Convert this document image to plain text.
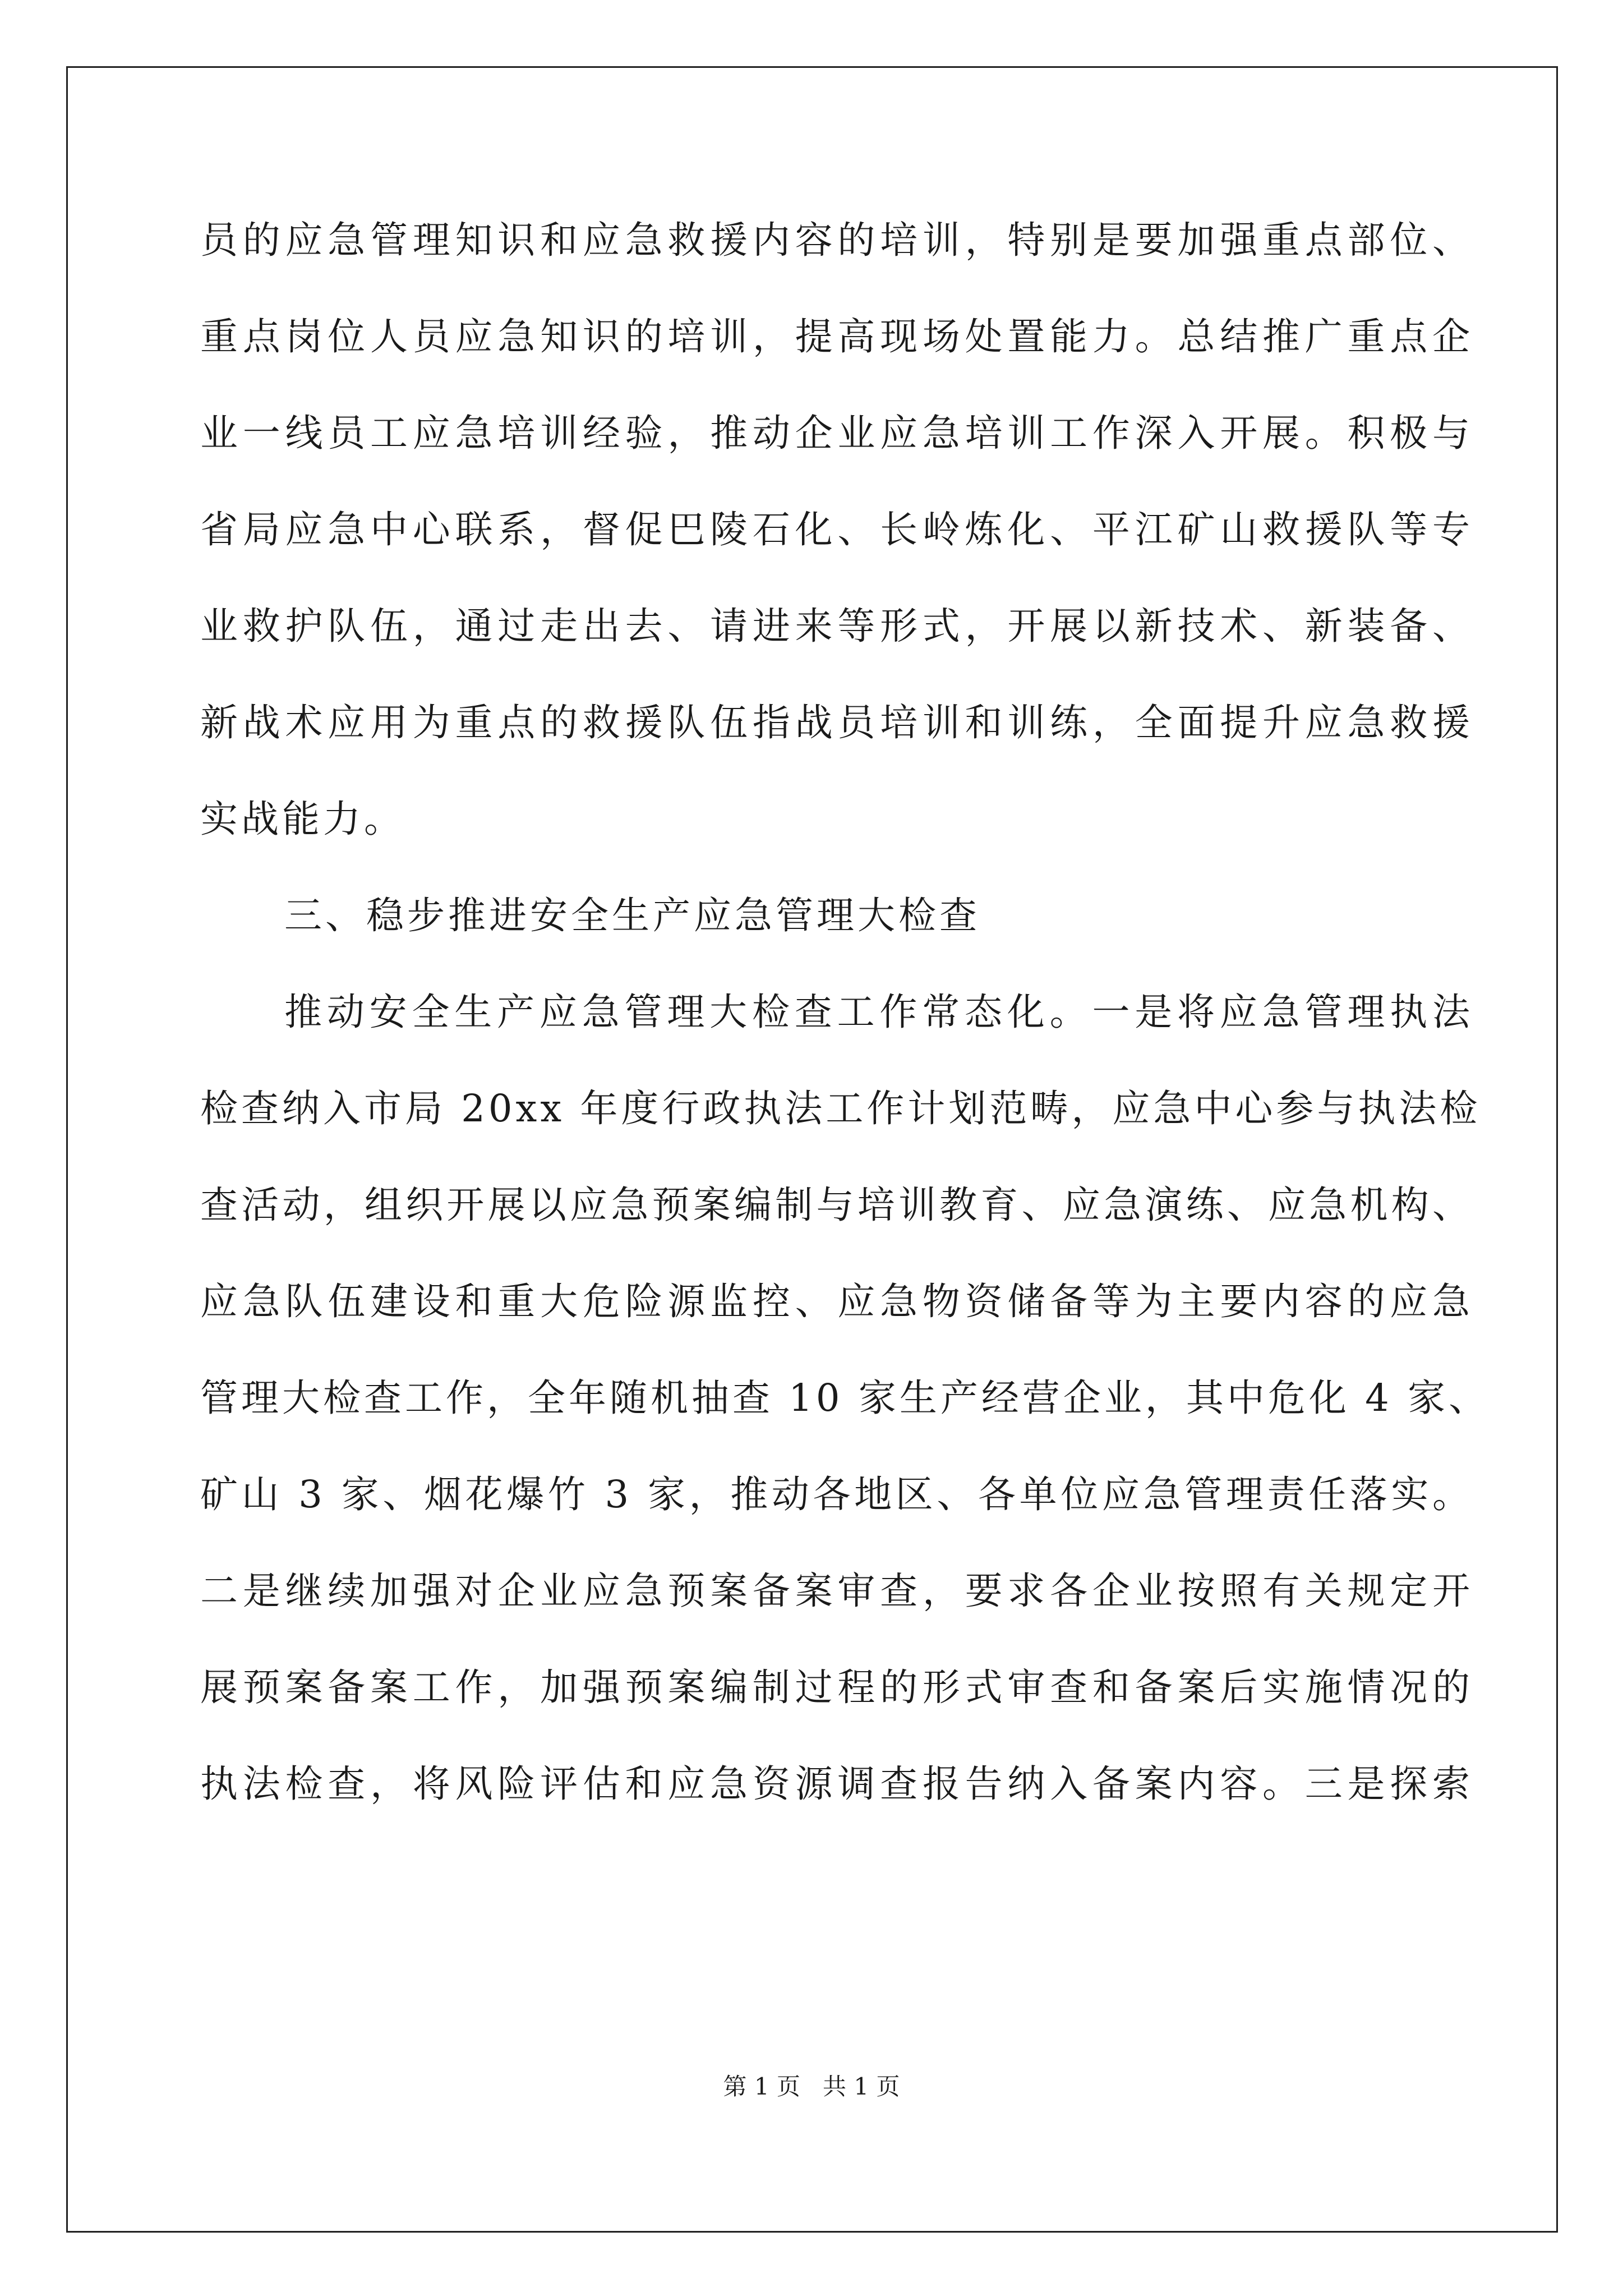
员的应急管理知识和应急救援内容的培训，特别是要加强重点部位、
重点岗位人员应急知识的培训，提高现场处置能力。总结推广重点企
业一线员工应急培训经验，推动企业应急培训工作深入开展。积极与
省局应急中心联系，督促巴陵石化、长岭炼化、平江矿山救援队等专
业救护队伍，通过走出去、请进来等形式，开展以新技术、新装备、
新战术应用为重点的救援队伍指战员培训和训练，全面提升应急救援
实战能力。
三、稳步推进安全生产应急管理大检查
推动安全生产应急管理大检查工作常态化。一是将应急管理执法
检查纳入市局 20xx 年度行政执法工作计划范畴，应急中心参与执法检
查活动，组织开展以应急预案编制与培训教育、应急演练、应急机构、
应急队伍建设和重大危险源监控、应急物资储备等为主要内容的应急
管理大检查工作，全年随机抽查 10 家生产经营企业，其中危化 4 家、
矿山 3 家、烟花爆竹 3 家，推动各地区、各单位应急管理责任落实。
二是继续加强对企业应急预案备案审查，要求各企业按照有关规定开
展预案备案工作，加强预案编制过程的形式审查和备案后实施情况的
执法检查，将风险评估和应急资源调查报告纳入备案内容。三是探索
第 1 页   共 1 页
